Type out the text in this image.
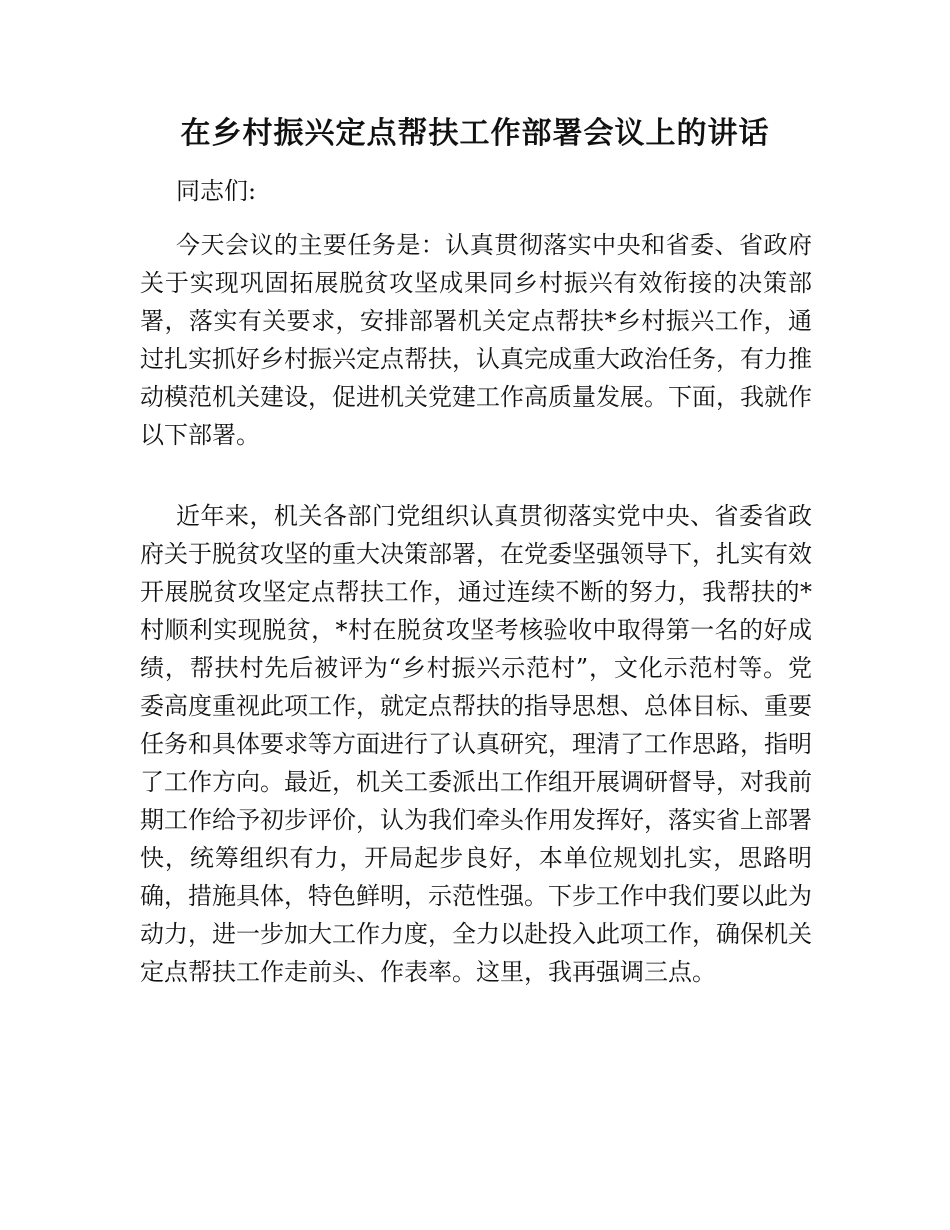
在乡村振兴定点帮扶工作部署会议上的讲话

同志们:

今天会议的主要任务是：认真贯彻落实中央和省委、省政府关于实现巩固拓展脱贫攻坚成果同乡村振兴有效衔接的决策部署，落实有关要求，安排部署机关定点帮扶*乡村振兴工作，通过扎实抓好乡村振兴定点帮扶，认真完成重大政治任务，有力推动模范机关建设，促进机关党建工作高质量发展。下面，我就作以下部署。

近年来，机关各部门党组织认真贯彻落实党中央、省委省政府关于脱贫攻坚的重大决策部署，在党委坚强领导下，扎实有效开展脱贫攻坚定点帮扶工作，通过连续不断的努力，我帮扶的*村顺利实现脱贫，*村在脱贫攻坚考核验收中取得第一名的好成绩，帮扶村先后被评为“乡村振兴示范村”，文化示范村等。党委高度重视此项工作，就定点帮扶的指导思想、总体目标、重要任务和具体要求等方面进行了认真研究，理清了工作思路，指明了工作方向。最近，机关工委派出工作组开展调研督导，对我前期工作给予初步评价，认为我们牵头作用发挥好，落实省上部署快，统筹组织有力，开局起步良好，本单位规划扎实，思路明确，措施具体，特色鲜明，示范性强。下步工作中我们要以此为动力，进一步加大工作力度，全力以赴投入此项工作，确保机关定点帮扶工作走前头、作表率。这里，我再强调三点。
